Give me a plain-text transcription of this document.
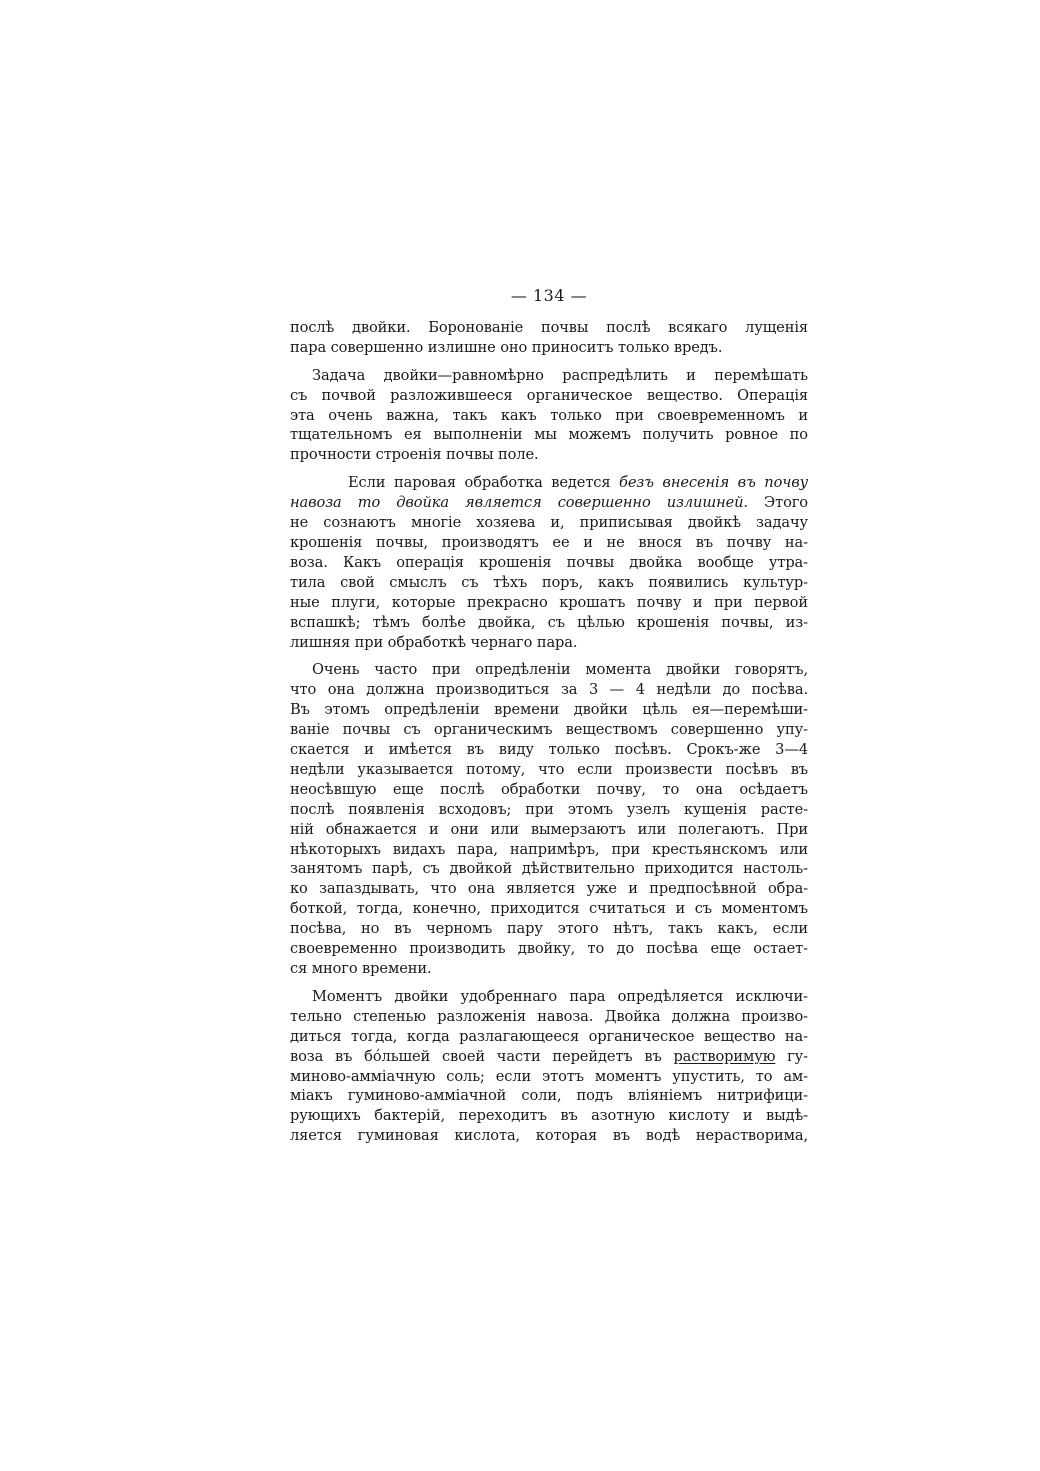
— 134 —
послѣ двойки. Боронованіе почвы послѣ всякаго лущенія
пара совершенно излишне оно приноситъ только вредъ.
Задача двойки—равномѣрно распредѣлить и перемѣшать
съ почвой разложившееся органическое вещество. Операція
эта очень важна, такъ какъ только при своевременномъ и
тщательномъ ея выполненіи мы можемъ получить ровное по
прочности строенія почвы поле.
Если паровая обработка ведется безъ внесенія въ почву
навоза то двойка является совершенно излишней. Этого
не сознаютъ многіе хозяева и, приписывая двойкѣ задачу
крошенія почвы, производятъ ее и не внося въ почву на-
воза. Какъ операція крошенія почвы двойка вообще утра-
тила свой смыслъ съ тѣхъ поръ, какъ появились культур-
ные плуги, которые прекрасно крошатъ почву и при первой
вспашкѣ; тѣмъ болѣе двойка, съ цѣлью крошенія почвы, из-
лишняя при обработкѣ чернаго пара.
Очень часто при опредѣленіи момента двойки говорятъ,
что она должна производиться за 3 — 4 недѣли до посѣва.
Въ этомъ опредѣленіи времени двойки цѣль ея—перемѣши-
ваніе почвы съ органическимъ веществомъ совершенно упу-
скается и имѣется въ виду только посѣвъ. Срокъ-же 3—4
недѣли указывается потому, что если произвести посѣвъ въ
неосѣвшую еще послѣ обработки почву, то она осѣдаетъ
послѣ появленія всходовъ; при этомъ узелъ кущенія расте-
ній обнажается и они или вымерзаютъ или полегаютъ. При
нѣкоторыхъ видахъ пара, напримѣръ, при крестьянскомъ или
занятомъ парѣ, съ двойкой дѣйствительно приходится настоль-
ко запаздывать, что она является уже и предпосѣвной обра-
боткой, тогда, конечно, приходится считаться и съ моментомъ
посѣва, но въ черномъ пару этого нѣтъ, такъ какъ, если
своевременно производить двойку, то до посѣва еще остает-
ся много времени.
Моментъ двойки удобреннаго пара опредѣляется исключи-
тельно степенью разложенія навоза. Двойка должна произво-
диться тогда, когда разлагающееся органическое вещество на-
воза въ бóльшей своей части перейдетъ въ растворимую гу-
миново-амміачную соль; если этотъ моментъ упустить, то ам-
міакъ гуминово-амміачной соли, подъ вліяніемъ нитрифици-
рующихъ бактерій, переходитъ въ азотную кислоту и выдѣ-
ляется гуминовая кислота, которая въ водѣ нерастворима,
